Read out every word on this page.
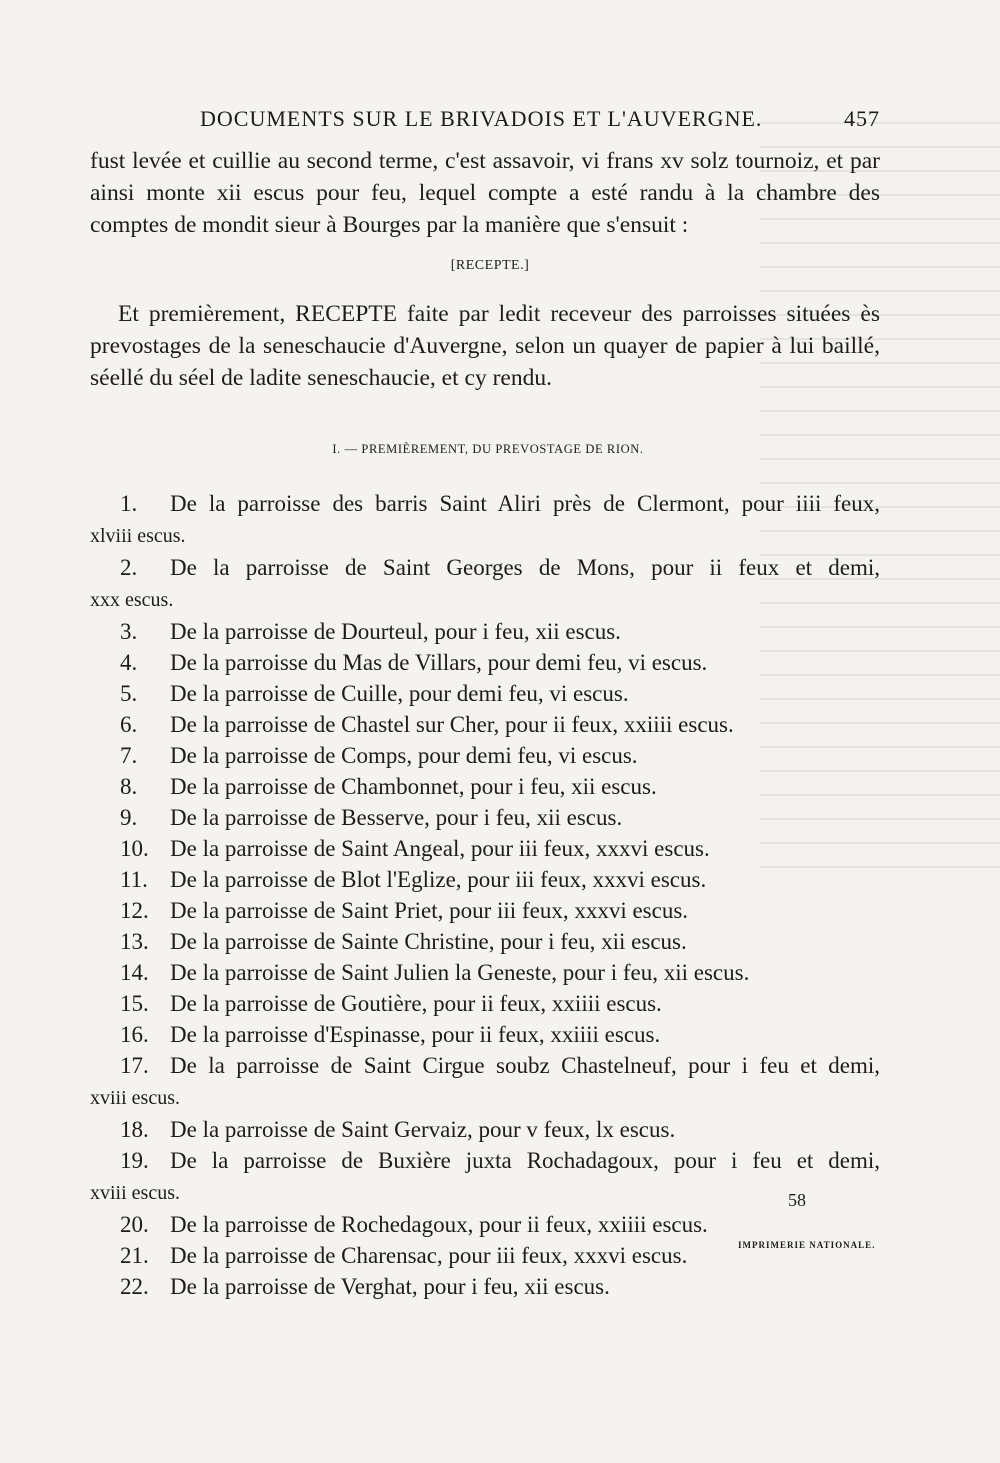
DOCUMENTS SUR LE BRIVADOIS ET L'AUVERGNE.	457
fust levée et cuillie au second terme, c'est assavoir, vi frans xv solz tournoiz, et par ainsi monte xii escus pour feu, lequel compte a esté randu à la chambre des comptes de mondit sieur à Bourges par la manière que s'ensuit :
[RECEPTE.]
Et premièrement, RECEPTE faite par ledit receveur des parroisses situées ès prevostages de la seneschaucie d'Auvergne, selon un quayer de papier à lui baillé, séellé du séel de ladite seneschaucie, et cy rendu.
I. — PREMIÈREMENT, DU PREVOSTAGE DE RION.
1.	De la parroisse des barris Saint Aliri près de Clermont, pour iiii feux,
xlviii escus.
2.	De la parroisse de Saint Georges de Mons, pour ii feux et demi,
xxx escus.
3.	De la parroisse de Dourteul, pour i feu, xii escus.
4.	De la parroisse du Mas de Villars, pour demi feu, vi escus.
5.	De la parroisse de Cuille, pour demi feu, vi escus.
6.	De la parroisse de Chastel sur Cher, pour ii feux, xxiiii escus.
7.	De la parroisse de Comps, pour demi feu, vi escus.
8.	De la parroisse de Chambonnet, pour i feu, xii escus.
9.	De la parroisse de Besserve, pour i feu, xii escus.
10. De la parroisse de Saint Angeal, pour iii feux, xxxvi escus.
11. De la parroisse de Blot l'Eglize, pour iii feux, xxxvi escus.
12. De la parroisse de Saint Priet, pour iii feux, xxxvi escus.
13. De la parroisse de Sainte Christine, pour i feu, xii escus.
14. De la parroisse de Saint Julien la Geneste, pour i feu, xii escus.
15. De la parroisse de Goutière, pour ii feux, xxiiii escus.
16. De la parroisse d'Espinasse, pour ii feux, xxiiii escus.
17. De la parroisse de Saint Cirgue soubz Chastelneuf, pour i feu et demi,
xviii escus.
18. De la parroisse de Saint Gervaiz, pour v feux, lx escus.
19. De la parroisse de Buxière juxta Rochadagoux, pour i feu et demi,
xviii escus.
20. De la parroisse de Rochedagoux, pour ii feux, xxiiii escus.
21. De la parroisse de Charensac, pour iii feux, xxxvi escus.
22. De la parroisse de Verghat, pour i feu, xii escus.
58
IMPRIMERIE NATIONALE.
